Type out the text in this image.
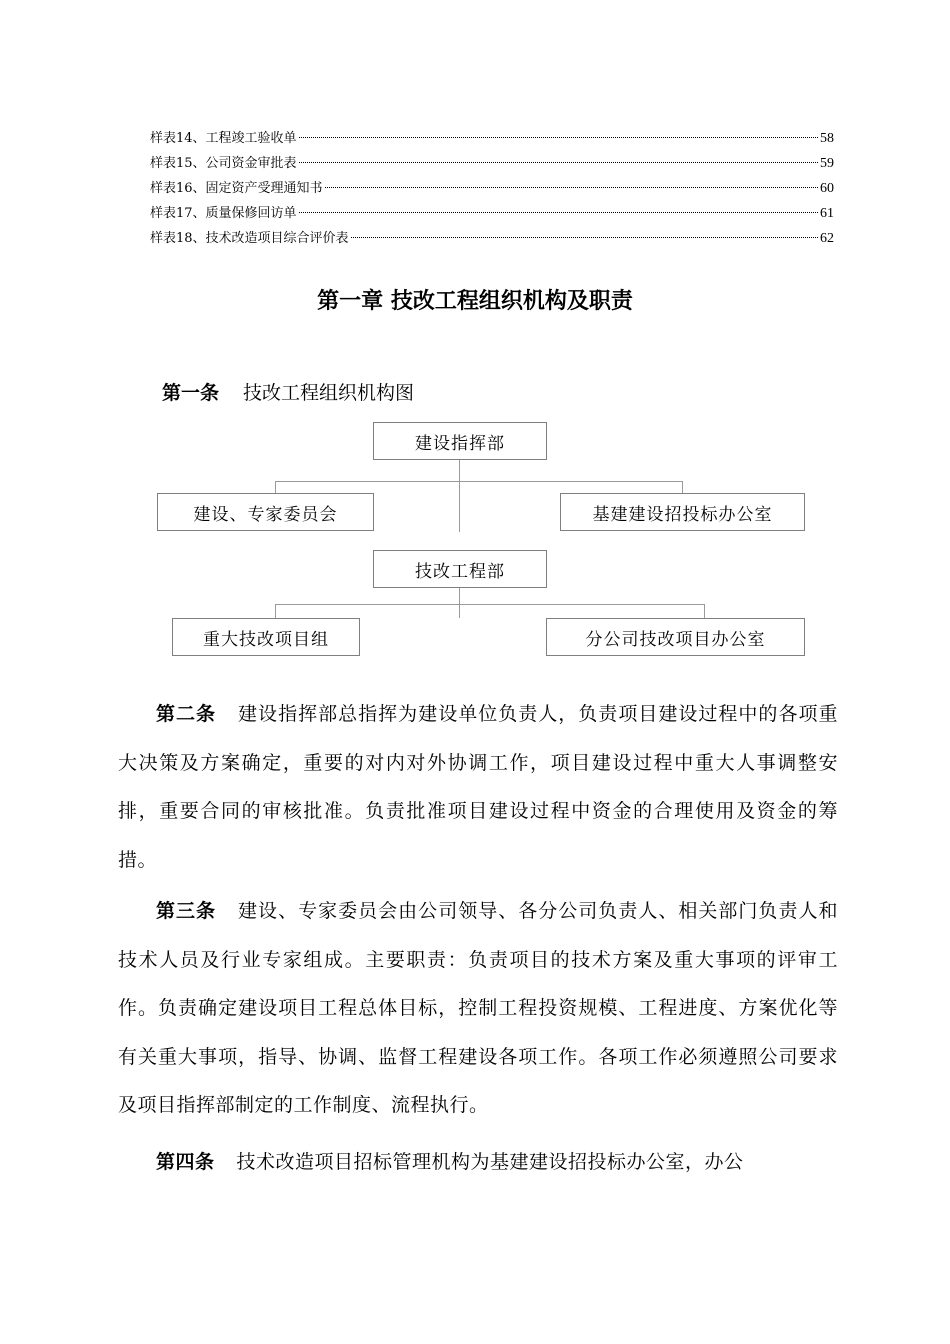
样表14、工程竣工验收单	58
样表15、公司资金审批表	59
样表16、固定资产受理通知书	60
样表17、质量保修回访单	61
样表18、技术改造项目综合评价表	62
第一章 技改工程组织机构及职责
第一条 技改工程组织机构图
建设指挥部
建设、专家委员会	基建建设招投标办公室
技改工程部
重大技改项目组	分公司技改项目办公室
第二条 建设指挥部总指挥为建设单位负责人，负责项目建设过程中的各项重大决策及方案确定，重要的对内对外协调工作，项目建设过程中重大人事调整安排，重要合同的审核批准。负责批准项目建设过程中资金的合理使用及资金的筹措。
第三条 建设、专家委员会由公司领导、各分公司负责人、相关部门负责人和技术人员及行业专家组成。主要职责：负责项目的技术方案及重大事项的评审工作。负责确定建设项目工程总体目标，控制工程投资规模、工程进度、方案优化等有关重大事项，指导、协调、监督工程建设各项工作。各项工作必须遵照公司要求及项目指挥部制定的工作制度、流程执行。
第四条 技术改造项目招标管理机构为基建建设招投标办公室，办公
